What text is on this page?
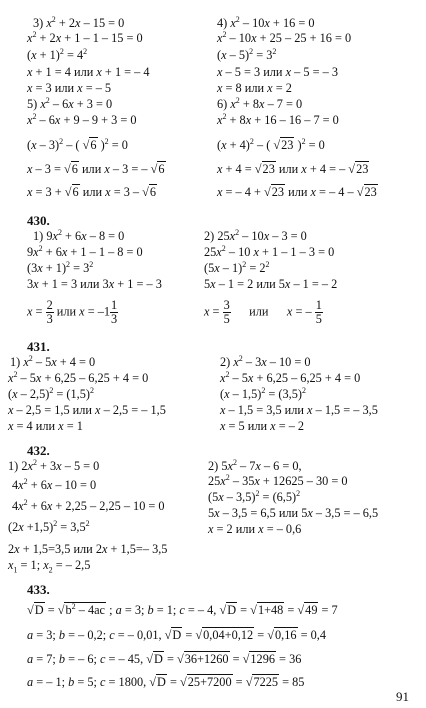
3) $x^2 + 2x - 15 = 0$
$x^2 + 2x + 1 - 1 - 15 = 0$
$(x + 1)^2 = 4^2$
x + 1 = 4 или x + 1 = – 4
x = 3 или x = – 5
4) $x^2 - 10x + 16 = 0$
$x^2 - 10x + 25 - 25 + 16 = 0$
$(x - 5)^2 = 3^2$
x – 5 = 3 или x – 5 = – 3
x = 8 или x = 2
5) $x^2 - 6x + 3 = 0$
$x^2 - 6x + 9 - 9 + 3 = 0$
(x – 3)$^2$ – ( √6 )$^2$ = 0
x – 3 = √6 или x – 3 = – √6
x = 3 + √6 или x = 3 – √6
6) $x^2 + 8x - 7 = 0$
$x^2 + 8x + 16 - 16 - 7 = 0$
$(x + 4)^2$ – ( √23 )$^2$ = 0
x + 4 = √23 или x + 4 = – √23
x = – 4 + √23 или x = – 4 – √23
430.
1) $9x^2 + 6x - 8 = 0$
$9x^2 + 6x + 1 - 1 - 8 = 0$
$(3x + 1)^2 = 3^2$
3x + 1 = 3 или 3x + 1 = – 3
$x = \frac{2}{3}$ или $x = -1 \frac{1}{3}$
2) $25x^2 - 10x - 3 = 0$
$25x^2 - 10$ x + 1 – 1 – 3 = 0
$(5x - 1)^2 = 2^2$
5x – 1 = 2 или 5x – 1 = – 2
$x = \frac{3}{5}$ или      x = – $\frac{1}{5}$
431.
1) $x^2 - 5x + 4 = 0$
$x^2 - 5x + 6,25 - 6,25 + 4 = 0$
$(x - 2,5)^2 = (1,5)^2$
x – 2,5 = 1,5 или x – 2,5 = – 1,5
x = 4 или x = 1
2) $x^2 - 3x - 10 = 0$
$x^2 - 5x + 6,25 - 6,25 + 4 = 0$
$(x - 1,5)^2 = (3,5)^2$
x – 1,5 = 3,5 или x – 1,5 = – 3,5
x = 5 или x = – 2
432.
1) $2x^2 + 3x - 5 = 0$
$4x^2 + 6x - 10 = 0$
$4x^2 + 6x + 2,25 - 2,25 - 10 = 0$
$(2x +1,5)^2 = 3,5^2$
2x + 1,5=3,5 или 2x + 1,5=– 3,5
$x_1 = 1$; $x_2$ = – 2,5
2) $5x^2 - 7x - 6 = 0$,
$25x^2 - 35x + 12625 - 30 = 0$
$(5x - 3,5)^2 = (6,5)^2$
5x – 3,5 = 6,5 или 5x – 3,5 = – 6,5
x = 2 или x = – 0,6
433.
$√D = √b^2 - 4ac$ ; a = 3; b = 1; c = – 4, √D = √1+48 = √49 = 7
a = 3; b = – 0,2; c = – 0,01, √D = √0,04+0,12 = √0,16 = 0,4
a = 7; b = – 6; c = – 45, √D = √36+1260 = √1296 = 36
a = – 1; b = 5; c = 1800, √D = √25+7200 = √7225 = 85
91
